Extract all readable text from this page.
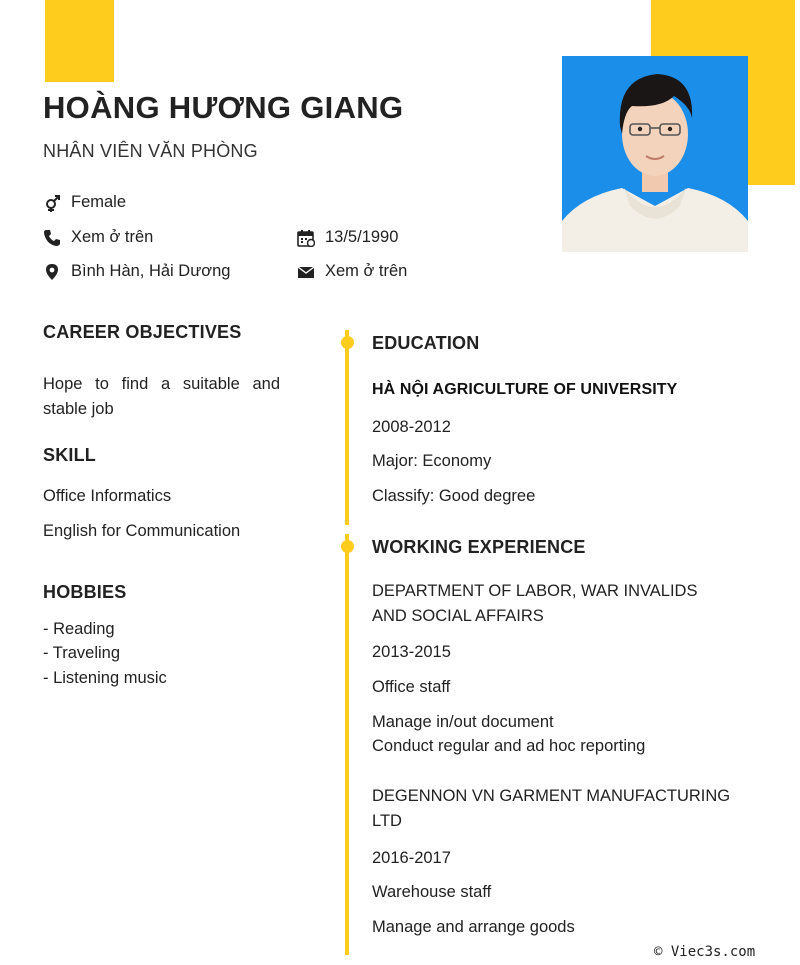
HOÀNG HƯƠNG GIANG
NHÂN VIÊN VĂN PHÒNG
Female
Xem ở trên	13/5/1990
Bình Hàn, Hải Dương	Xem ở trên
CAREER OBJECTIVES
Hope to find a suitable and stable job
SKILL
Office Informatics
English for Communication
HOBBIES
- Reading
- Traveling
- Listening music
EDUCATION
HÀ NỘI AGRICULTURE OF UNIVERSITY
2008-2012
Major: Economy
Classify: Good degree
WORKING EXPERIENCE
DEPARTMENT OF LABOR, WAR INVALIDS AND SOCIAL AFFAIRS
2013-2015
Office staff
Manage in/out document
Conduct regular and ad hoc reporting
DEGENNON VN GARMENT MANUFACTURING LTD
2016-2017
Warehouse staff
Manage and arrange goods
© Viec3s.com
